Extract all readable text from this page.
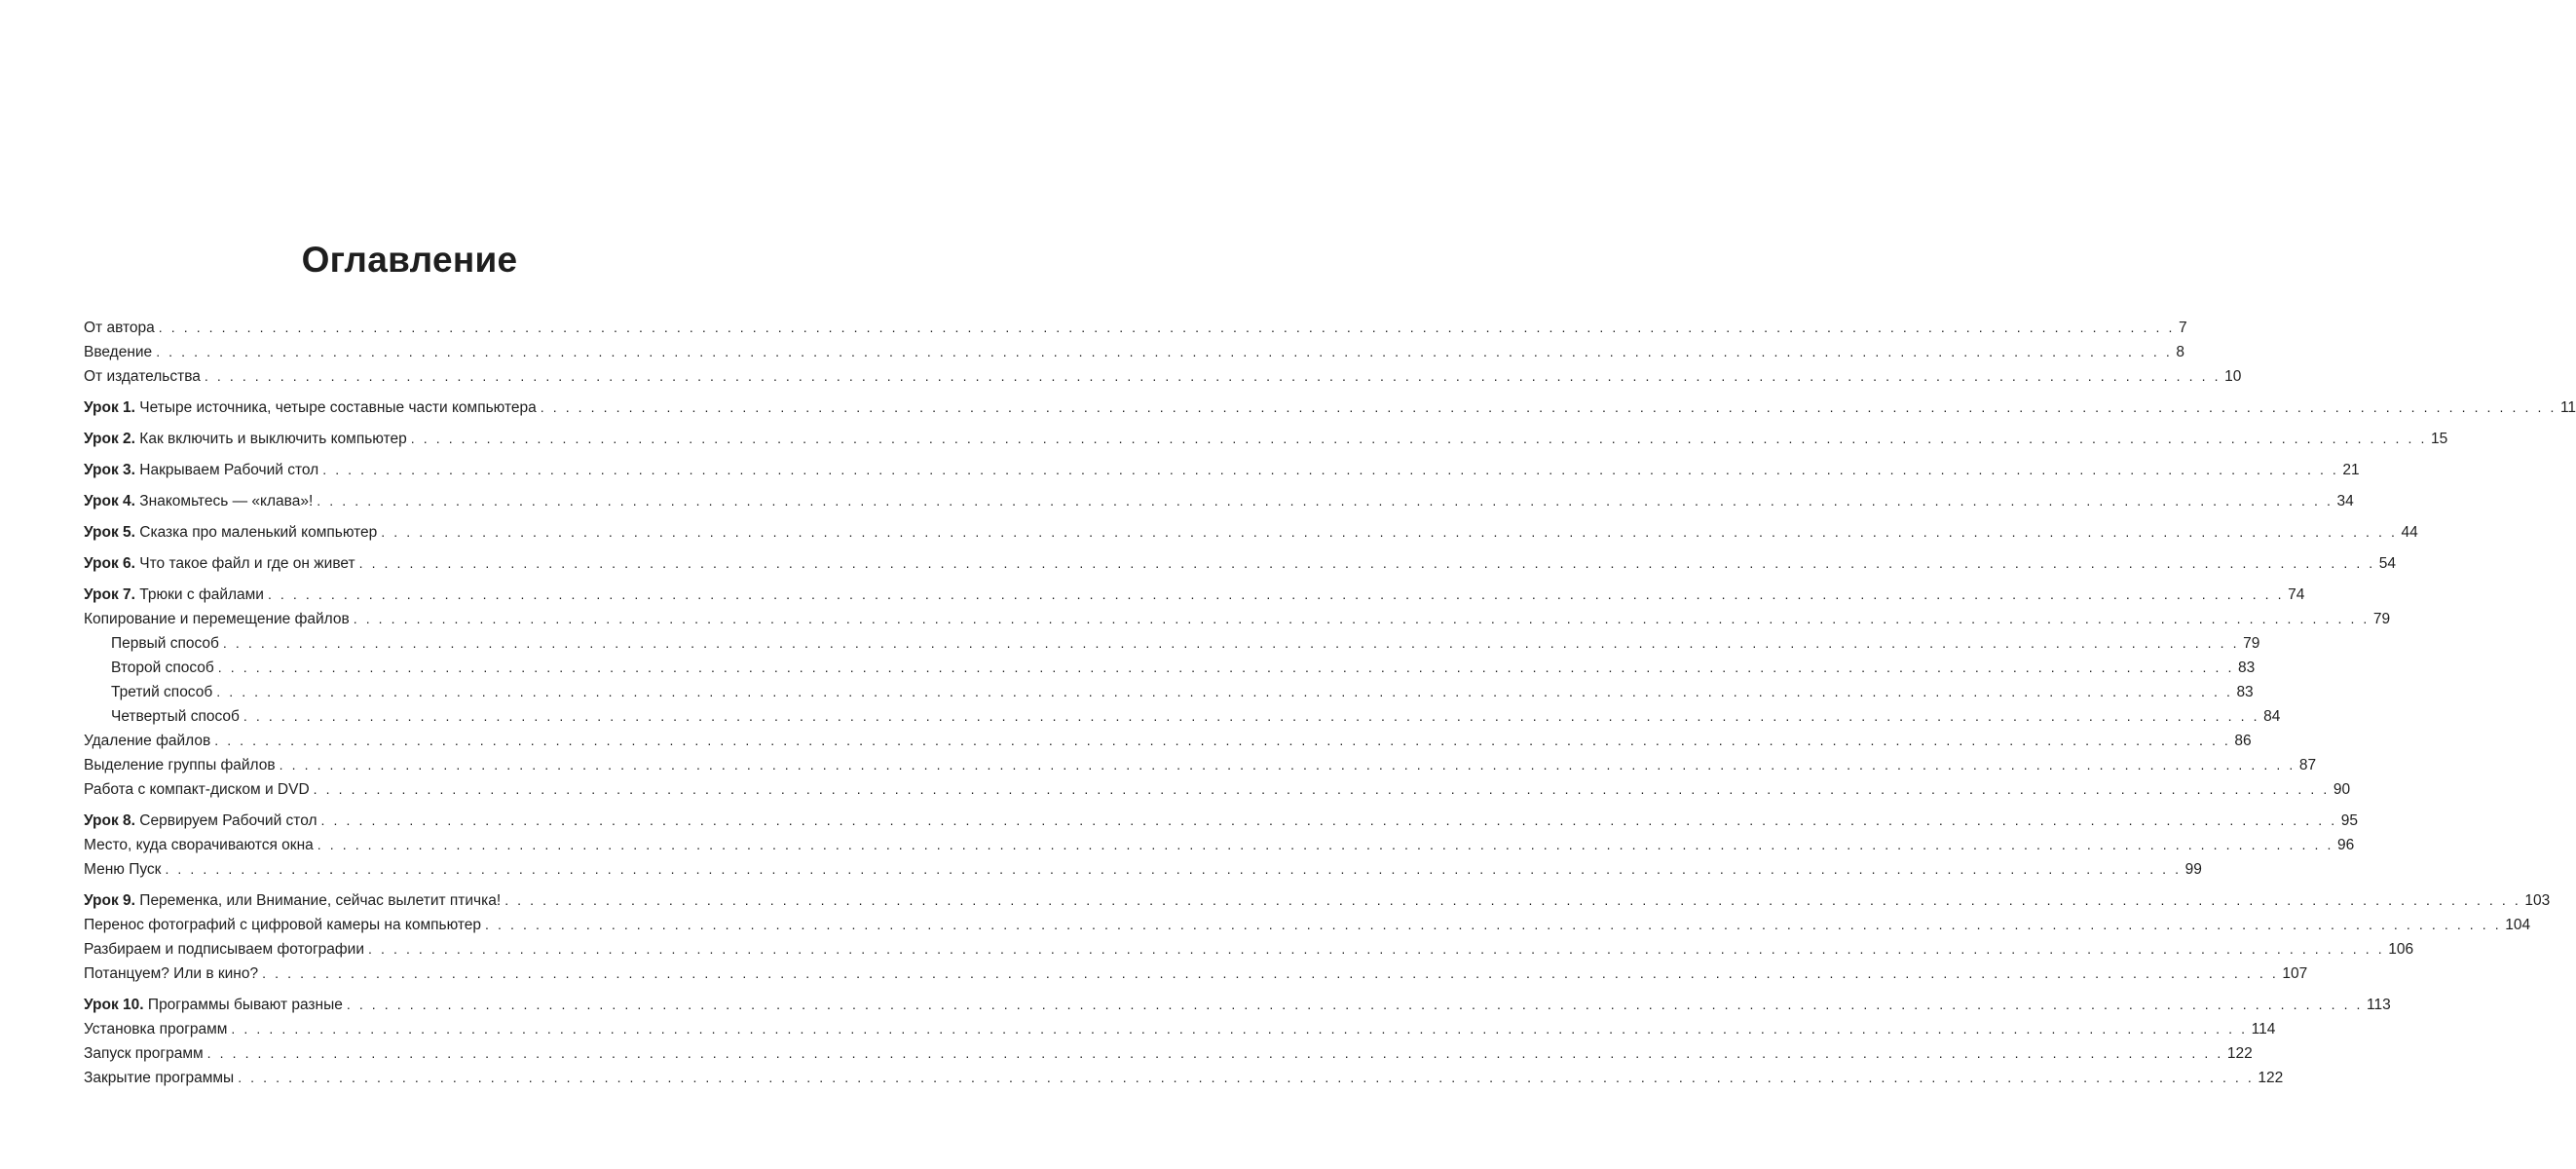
Оглавление
От автора . . . . . . . . . . . . . . . . . . . . . . . . . . . . . . . . . . . . . . . . . . . . . . . . . . . . . . . . . . . . . . . . . . . . . . . . . . . . . . . . . . . . . . . . . . . . . . . . . . . . . . . . . . . . . . . . . . . . . . . . . . . . . . . . . . . . . . . . . . . . . . . . . . . . . . . . . . . . . . . . 7
Введение . . . . . . . . . . . . . . . . . . . . . . . . . . . . . . . . . . . . . . . . . . . . . . . . . . . . . . . . . . . . . . . . . . . . . . . . . . . . . . . . . . . . . . . . . . . . . . . . . . . . . . . . . . . . . . . . . . . . . . . . . . . . . . . . . . . . . . . . . . . . . . . . . . . . . . . . . . . . . . . . 8
От издательства . . . . . . . . . . . . . . . . . . . . . . . . . . . . . . . . . . . . . . . . . . . . . . . . . . . . . . . . . . . . . . . . . . . . . . . . . . . . . . . . . . . . . . . . . . . . . . . . . . . . . . . . . . . . . . . . . . . . . . . . . . . . . . . . . . . . . . . . . . . . . . . . . . . . . . . . . . . . . . . . 10
Урок 1. Четыре источника, четыре составные части компьютера . . . . . . . . . . . . . . . . . . . . . . . . . . . . . . . . . . . . . . . . . . . . . . . . . . . . . . . . . . . . . . . . . . . . . . . . . . . . . . . . . . . . . . . . . . . . . . . . . . . . . . . . . . . . . . . . . . . . . . . . . . . . . . . . . . . . . . . . . . . . . . . . . . . . . . . . . . . . . . . . 11
Урок 2. Как включить и выключить компьютер . . . . . . . . . . . . . . . . . . . . . . . . . . . . . . . . . . . . . . . . . . . . . . . . . . . . . . . . . . . . . . . . . . . . . . . . . . . . . . . . . . . . . . . . . . . . . . . . . . . . . . . . . . . . . . . . . . . . . . . . . . . . . . . . . . . . . . . . . . . . . . . . . . . . . . . . . . . . . . . . 15
Урок 3. Накрываем Рабочий стол . . . . . . . . . . . . . . . . . . . . . . . . . . . . . . . . . . . . . . . . . . . . . . . . . . . . . . . . . . . . . . . . . . . . . . . . . . . . . . . . . . . . . . . . . . . . . . . . . . . . . . . . . . . . . . . . . . . . . . . . . . . . . . . . . . . . . . . . . . . . . . . . . . . . . . . . . . . . . . . . 21
Урок 4. Знакомьтесь — «клава»! . . . . . . . . . . . . . . . . . . . . . . . . . . . . . . . . . . . . . . . . . . . . . . . . . . . . . . . . . . . . . . . . . . . . . . . . . . . . . . . . . . . . . . . . . . . . . . . . . . . . . . . . . . . . . . . . . . . . . . . . . . . . . . . . . . . . . . . . . . . . . . . . . . . . . . . . . . . . . . . . 34
Урок 5. Сказка про маленький компьютер . . . . . . . . . . . . . . . . . . . . . . . . . . . . . . . . . . . . . . . . . . . . . . . . . . . . . . . . . . . . . . . . . . . . . . . . . . . . . . . . . . . . . . . . . . . . . . . . . . . . . . . . . . . . . . . . . . . . . . . . . . . . . . . . . . . . . . . . . . . . . . . . . . . . . . . . . . . . . . . . 44
Урок 6. Что такое файл и где он живет . . . . . . . . . . . . . . . . . . . . . . . . . . . . . . . . . . . . . . . . . . . . . . . . . . . . . . . . . . . . . . . . . . . . . . . . . . . . . . . . . . . . . . . . . . . . . . . . . . . . . . . . . . . . . . . . . . . . . . . . . . . . . . . . . . . . . . . . . . . . . . . . . . . . . . . . . . . . . . . . 54
Урок 7. Трюки с файлами . . . . . . . . . . . . . . . . . . . . . . . . . . . . . . . . . . . . . . . . . . . . . . . . . . . . . . . . . . . . . . . . . . . . . . . . . . . . . . . . . . . . . . . . . . . . . . . . . . . . . . . . . . . . . . . . . . . . . . . . . . . . . . . . . . . . . . . . . . . . . . . . . . . . . . . . . . . . . . . . 74
Копирование и перемещение файлов . . . . . . . . . . . . . . . . . . . . . . . . . . . . . . . . . . . . . . . . . . . . . . . . . . . . . . . . . . . . . . . . . . . . . . . . . . . . . . . . . . . . . . . . . . . . . . . . . . . . . . . . . . . . . . . . . . . . . . . . . . . . . . . . . . . . . . . . . . . . . . . . . . . . . . . . . . . . . . . . 79
Первый способ . . . . . . . . . . . . . . . . . . . . . . . . . . . . . . . . . . . . . . . . . . . . . . . . . . . . . . . . . . . . . . . . . . . . . . . . . . . . . . . . . . . . . . . . . . . . . . . . . . . . . . . . . . . . . . . . . . . . . . . . . . . . . . . . . . . . . . . . . . . . . . . . . . . . . . . . . . . . . . . . 79
Второй способ . . . . . . . . . . . . . . . . . . . . . . . . . . . . . . . . . . . . . . . . . . . . . . . . . . . . . . . . . . . . . . . . . . . . . . . . . . . . . . . . . . . . . . . . . . . . . . . . . . . . . . . . . . . . . . . . . . . . . . . . . . . . . . . . . . . . . . . . . . . . . . . . . . . . . . . . . . . . . . . . 83
Третий способ . . . . . . . . . . . . . . . . . . . . . . . . . . . . . . . . . . . . . . . . . . . . . . . . . . . . . . . . . . . . . . . . . . . . . . . . . . . . . . . . . . . . . . . . . . . . . . . . . . . . . . . . . . . . . . . . . . . . . . . . . . . . . . . . . . . . . . . . . . . . . . . . . . . . . . . . . . . . . . . . 83
Четвертый способ . . . . . . . . . . . . . . . . . . . . . . . . . . . . . . . . . . . . . . . . . . . . . . . . . . . . . . . . . . . . . . . . . . . . . . . . . . . . . . . . . . . . . . . . . . . . . . . . . . . . . . . . . . . . . . . . . . . . . . . . . . . . . . . . . . . . . . . . . . . . . . . . . . . . . . . . . . . . . . . . 84
Удаление файлов . . . . . . . . . . . . . . . . . . . . . . . . . . . . . . . . . . . . . . . . . . . . . . . . . . . . . . . . . . . . . . . . . . . . . . . . . . . . . . . . . . . . . . . . . . . . . . . . . . . . . . . . . . . . . . . . . . . . . . . . . . . . . . . . . . . . . . . . . . . . . . . . . . . . . . . . . . . . . . . . 86
Выделение группы файлов . . . . . . . . . . . . . . . . . . . . . . . . . . . . . . . . . . . . . . . . . . . . . . . . . . . . . . . . . . . . . . . . . . . . . . . . . . . . . . . . . . . . . . . . . . . . . . . . . . . . . . . . . . . . . . . . . . . . . . . . . . . . . . . . . . . . . . . . . . . . . . . . . . . . . . . . . . . . . . . . 87
Работа с компакт-диском и DVD . . . . . . . . . . . . . . . . . . . . . . . . . . . . . . . . . . . . . . . . . . . . . . . . . . . . . . . . . . . . . . . . . . . . . . . . . . . . . . . . . . . . . . . . . . . . . . . . . . . . . . . . . . . . . . . . . . . . . . . . . . . . . . . . . . . . . . . . . . . . . . . . . . . . . . . . . . . . . . . . 90
Урок 8. Сервируем Рабочий стол . . . . . . . . . . . . . . . . . . . . . . . . . . . . . . . . . . . . . . . . . . . . . . . . . . . . . . . . . . . . . . . . . . . . . . . . . . . . . . . . . . . . . . . . . . . . . . . . . . . . . . . . . . . . . . . . . . . . . . . . . . . . . . . . . . . . . . . . . . . . . . . . . . . . . . . . . . . . . . . . 95
Место, куда сворачиваются окна . . . . . . . . . . . . . . . . . . . . . . . . . . . . . . . . . . . . . . . . . . . . . . . . . . . . . . . . . . . . . . . . . . . . . . . . . . . . . . . . . . . . . . . . . . . . . . . . . . . . . . . . . . . . . . . . . . . . . . . . . . . . . . . . . . . . . . . . . . . . . . . . . . . . . . . . . . . . . . . . 96
Меню Пуск . . . . . . . . . . . . . . . . . . . . . . . . . . . . . . . . . . . . . . . . . . . . . . . . . . . . . . . . . . . . . . . . . . . . . . . . . . . . . . . . . . . . . . . . . . . . . . . . . . . . . . . . . . . . . . . . . . . . . . . . . . . . . . . . . . . . . . . . . . . . . . . . . . . . . . . . . . . . . . . . 99
Урок 9. Переменка, или Внимание, сейчас вылетит птичка! . . . . . . . . . . . . . . . . . . . . . . . . . . . . . . . . . . . . . . . . . . . . . . . . . . . . . . . . . . . . . . . . . . . . . . . . . . . . . . . . . . . . . . . . . . . . . . . . . . . . . . . . . . . . . . . . . . . . . . . . . . . . . . . . . . . . . . . . . . . . . . . . . . . . . . . . . . . . . . . . 103
Перенос фотографий с цифровой камеры на компьютер . . . . . . . . . . . . . . . . . . . . . . . . . . . . . . . . . . . . . . . . . . . . . . . . . . . . . . . . . . . . . . . . . . . . . . . . . . . . . . . . . . . . . . . . . . . . . . . . . . . . . . . . . . . . . . . . . . . . . . . . . . . . . . . . . . . . . . . . . . . . . . . . . . . . . . . . . . . . . . . . 104
Разбираем и подписываем фотографии . . . . . . . . . . . . . . . . . . . . . . . . . . . . . . . . . . . . . . . . . . . . . . . . . . . . . . . . . . . . . . . . . . . . . . . . . . . . . . . . . . . . . . . . . . . . . . . . . . . . . . . . . . . . . . . . . . . . . . . . . . . . . . . . . . . . . . . . . . . . . . . . . . . . . . . . . . . . . . . . 106
Потанцуем? Или в кино? . . . . . . . . . . . . . . . . . . . . . . . . . . . . . . . . . . . . . . . . . . . . . . . . . . . . . . . . . . . . . . . . . . . . . . . . . . . . . . . . . . . . . . . . . . . . . . . . . . . . . . . . . . . . . . . . . . . . . . . . . . . . . . . . . . . . . . . . . . . . . . . . . . . . . . . . . . . . . . . . 107
Урок 10. Программы бывают разные . . . . . . . . . . . . . . . . . . . . . . . . . . . . . . . . . . . . . . . . . . . . . . . . . . . . . . . . . . . . . . . . . . . . . . . . . . . . . . . . . . . . . . . . . . . . . . . . . . . . . . . . . . . . . . . . . . . . . . . . . . . . . . . . . . . . . . . . . . . . . . . . . . . . . . . . . . . . . . . . 113
Установка программ . . . . . . . . . . . . . . . . . . . . . . . . . . . . . . . . . . . . . . . . . . . . . . . . . . . . . . . . . . . . . . . . . . . . . . . . . . . . . . . . . . . . . . . . . . . . . . . . . . . . . . . . . . . . . . . . . . . . . . . . . . . . . . . . . . . . . . . . . . . . . . . . . . . . . . . . . . . . . . . . 114
Запуск программ . . . . . . . . . . . . . . . . . . . . . . . . . . . . . . . . . . . . . . . . . . . . . . . . . . . . . . . . . . . . . . . . . . . . . . . . . . . . . . . . . . . . . . . . . . . . . . . . . . . . . . . . . . . . . . . . . . . . . . . . . . . . . . . . . . . . . . . . . . . . . . . . . . . . . . . . . . . . . . . . 122
Закрытие программы . . . . . . . . . . . . . . . . . . . . . . . . . . . . . . . . . . . . . . . . . . . . . . . . . . . . . . . . . . . . . . . . . . . . . . . . . . . . . . . . . . . . . . . . . . . . . . . . . . . . . . . . . . . . . . . . . . . . . . . . . . . . . . . . . . . . . . . . . . . . . . . . . . . . . . . . . . . . . . . . 122
